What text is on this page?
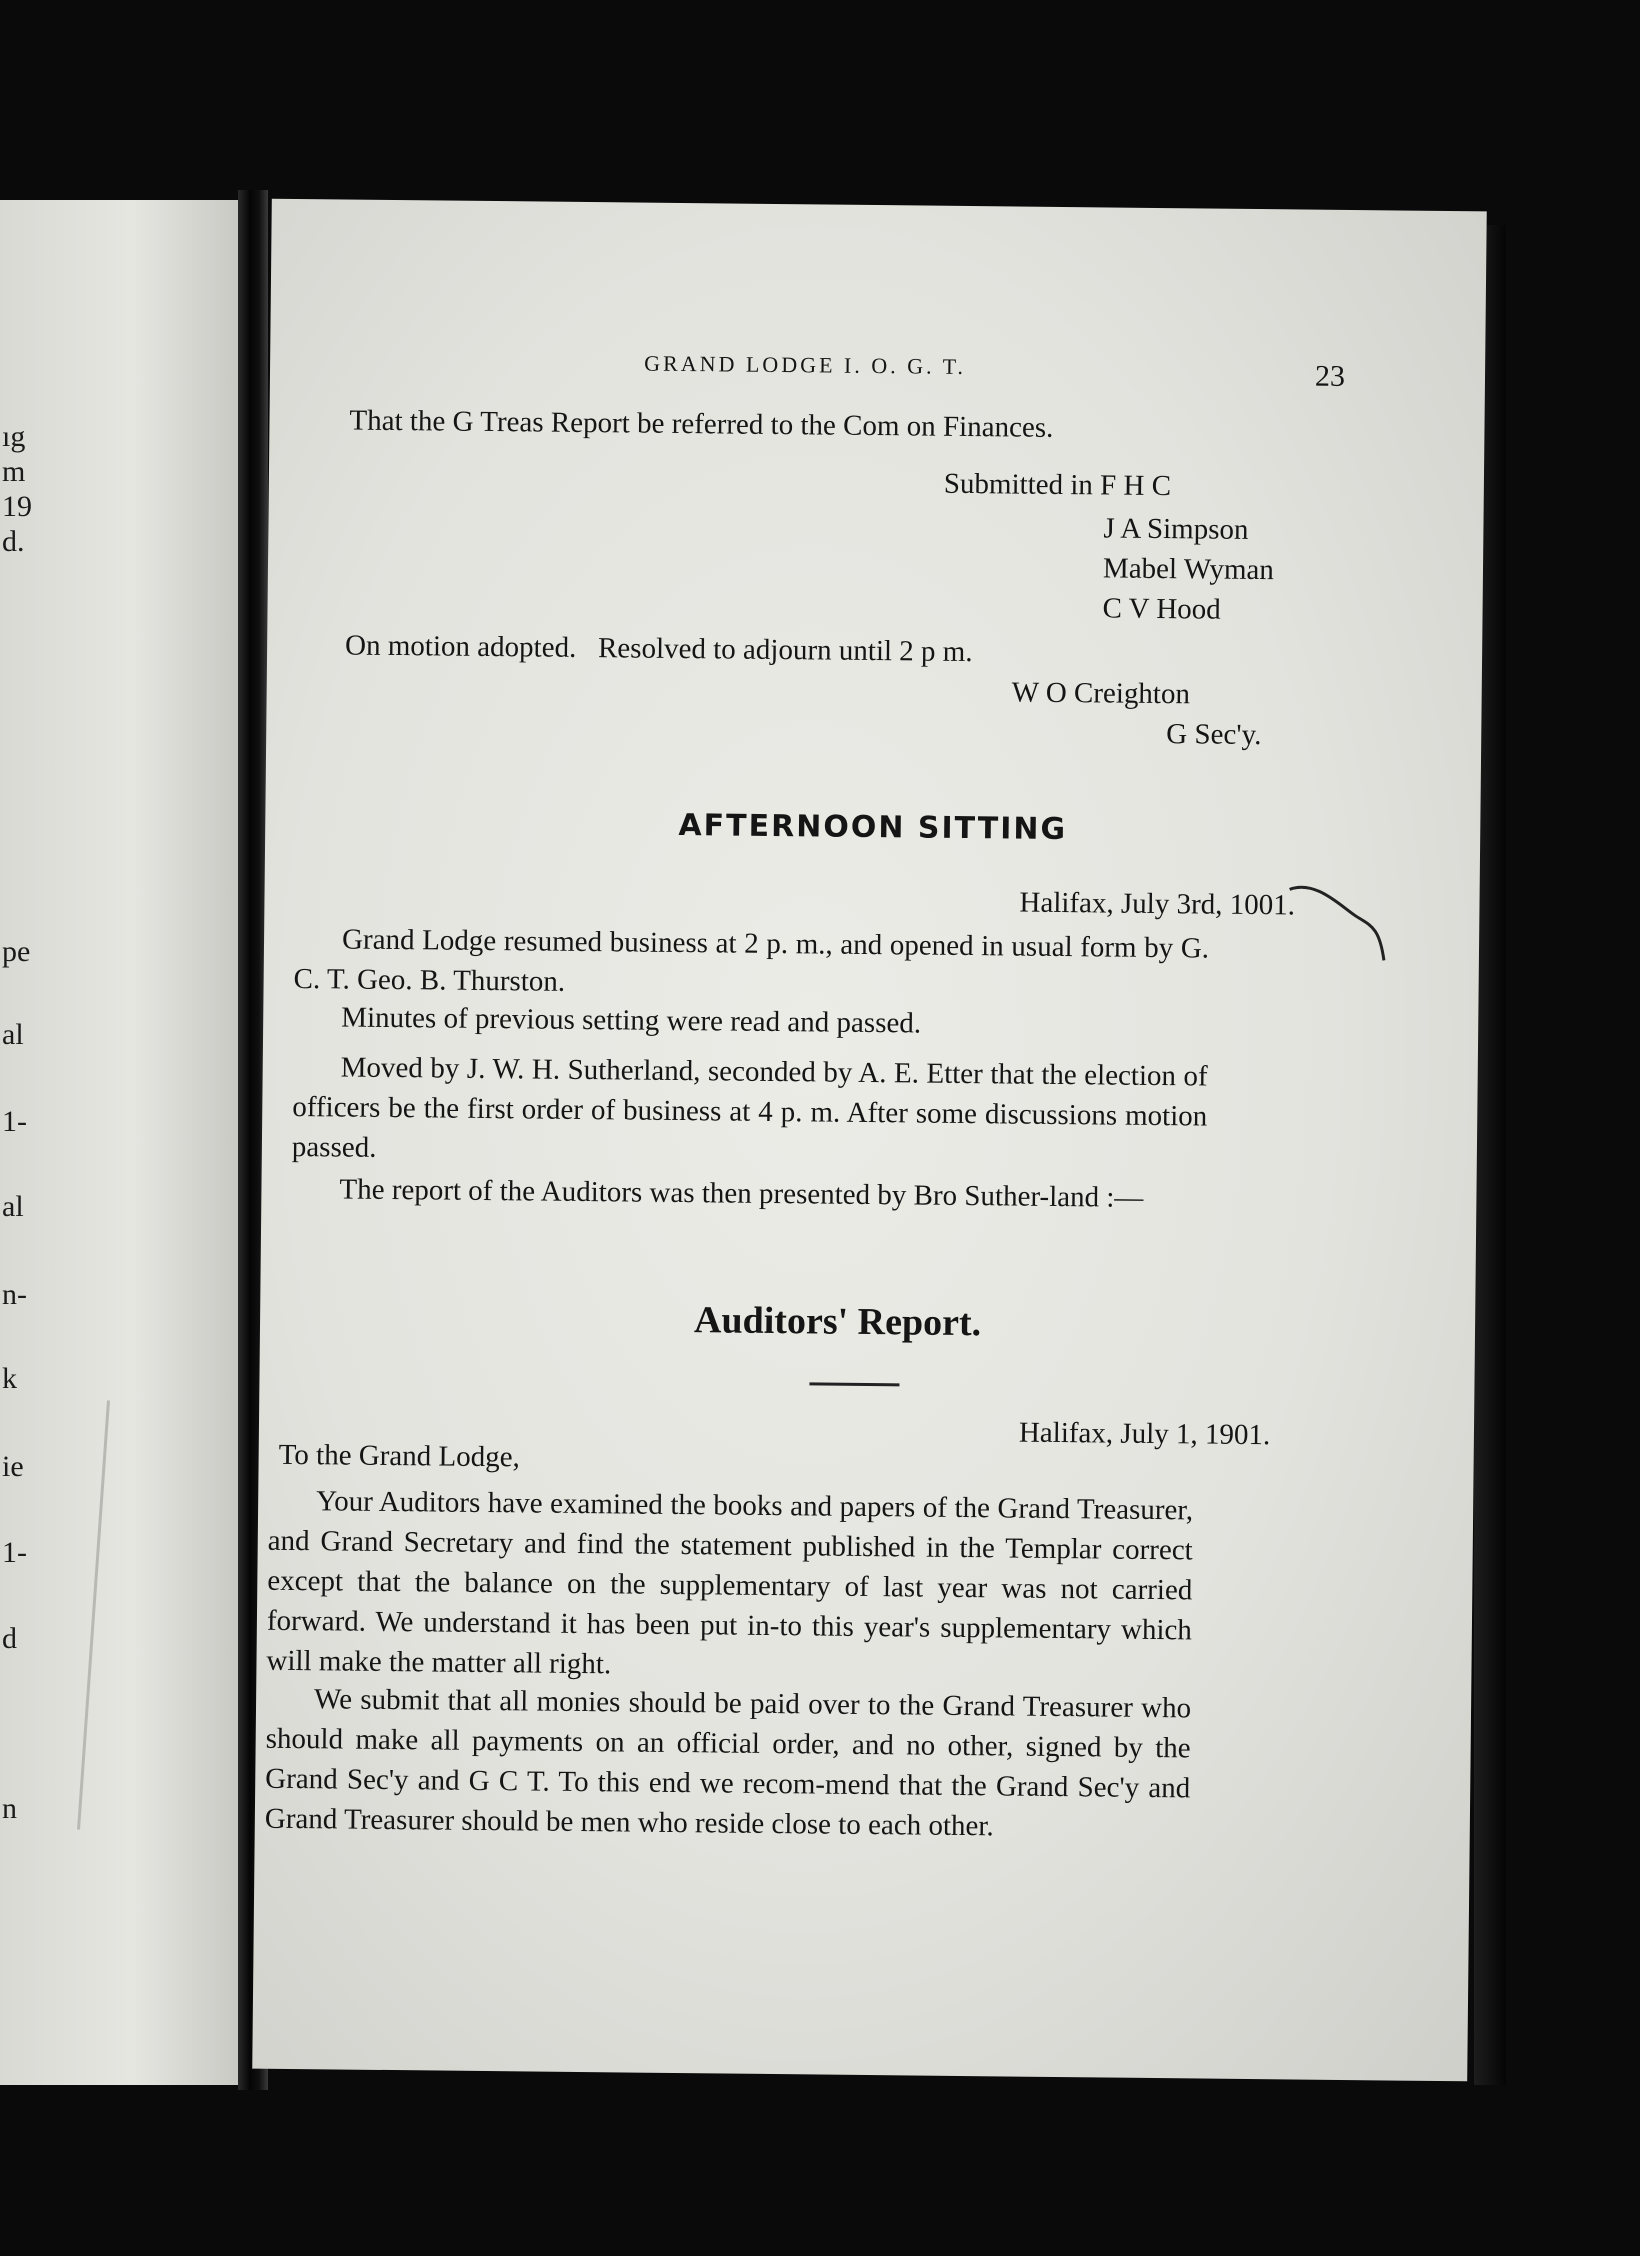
ıg
m
19
d.
pe
al
1-
al
n-
k
ie
1-
d
n
GRAND LODGE I. O. G. T.	23
That the G Treas Report be referred to the Com on Finances.
Submitted in F H C
J A Simpson
Mabel Wyman
C V Hood
On motion adopted.   Resolved to adjourn until 2 p m.
W O Creighton
G Sec'y.
AFTERNOON SITTING
Halifax, July 3rd, 1001.
Grand Lodge resumed business at 2 p. m., and opened in usual form by G. C. T. Geo. B. Thurston.
Minutes of previous setting were read and passed.
Moved by J. W. H. Sutherland, seconded by A. E. Etter that the election of officers be the first order of business at 4 p. m. After some discussions motion passed.
The report of the Auditors was then presented by Bro Suther-land :—
Auditors' Report.
Halifax, July 1, 1901.
To the Grand Lodge,
Your Auditors have examined the books and papers of the Grand Treasurer, and Grand Secretary and find the statement published in the Templar correct except that the balance on the supplementary of last year was not carried forward. We understand it has been put in-to this year's supplementary which will make the matter all right.
We submit that all monies should be paid over to the Grand Treasurer who should make all payments on an official order, and no other, signed by the Grand Sec'y and G C T. To this end we recom-mend that the Grand Sec'y and Grand Treasurer should be men who reside close to each other.
